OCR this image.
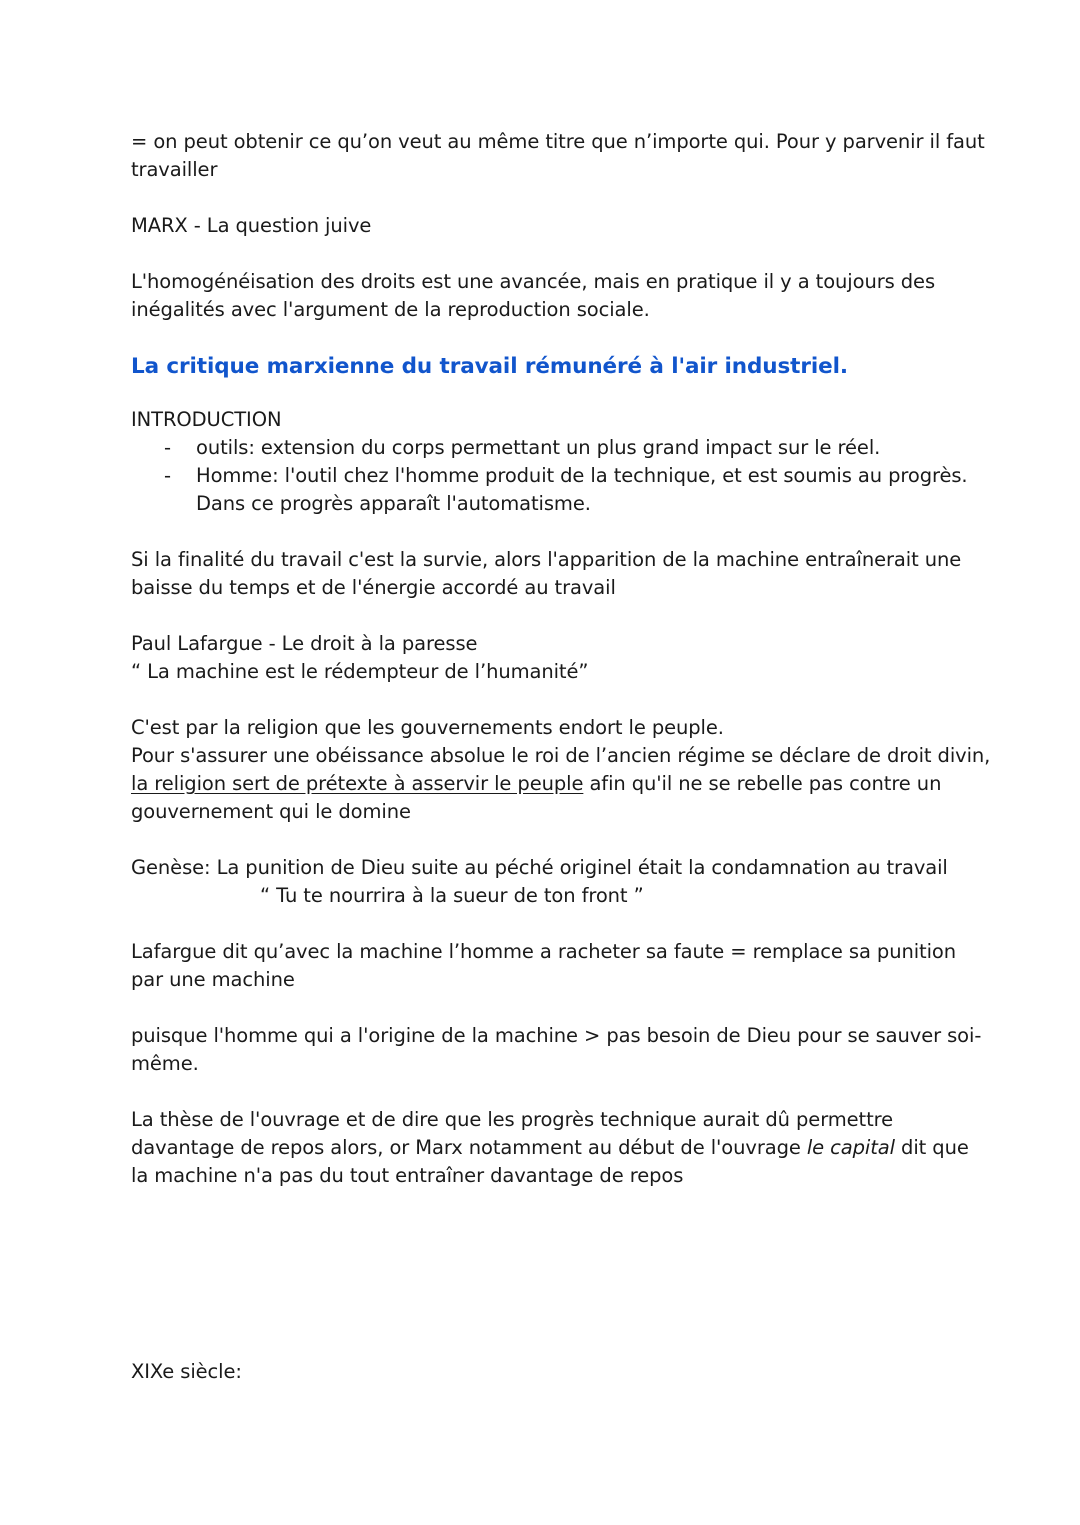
= on peut obtenir ce qu’on veut au même titre que n’importe qui. Pour y parvenir il faut travailler

MARX - La question juive

L'homogénéisation des droits est une avancée, mais en pratique il y a toujours des inégalités avec l'argument de la reproduction sociale.

La critique marxienne du travail rémunéré à l'air industriel.
INTRODUCTION
- outils: extension du corps permettant un plus grand impact sur le réel.
- Homme: l'outil chez l'homme produit de la technique, et est soumis au progrès. Dans ce progrès apparaît l'automatisme.

Si la finalité du travail c'est la survie, alors l'apparition de la machine entraînerait une baisse du temps et de l'énergie accordé au travail

Paul Lafargue - Le droit à la paresse
“ La machine est le rédempteur de l’humanité”
C'est par la religion que les gouvernements endort le peuple.
Pour s'assurer une obéissance absolue le roi de l’ancien régime se déclare de droit divin, la religion sert de prétexte à asservir le peuple afin qu'il ne se rebelle pas contre un gouvernement qui le domine
Genèse: La punition de Dieu suite au péché originel était la condamnation au travail
“ Tu te nourrira à la sueur de ton front ”

Lafargue dit qu’avec la machine l’homme a racheter sa faute = remplace sa punition par une machine

puisque l'homme qui a l'origine de la machine > pas besoin de Dieu pour se sauver soi-même.

La thèse de l'ouvrage et de dire que les progrès technique aurait dû permettre davantage de repos alors, or Marx notamment au début de l'ouvrage le capital dit que la machine n'a pas du tout entraîner davantage de repos

XIXe siècle:
